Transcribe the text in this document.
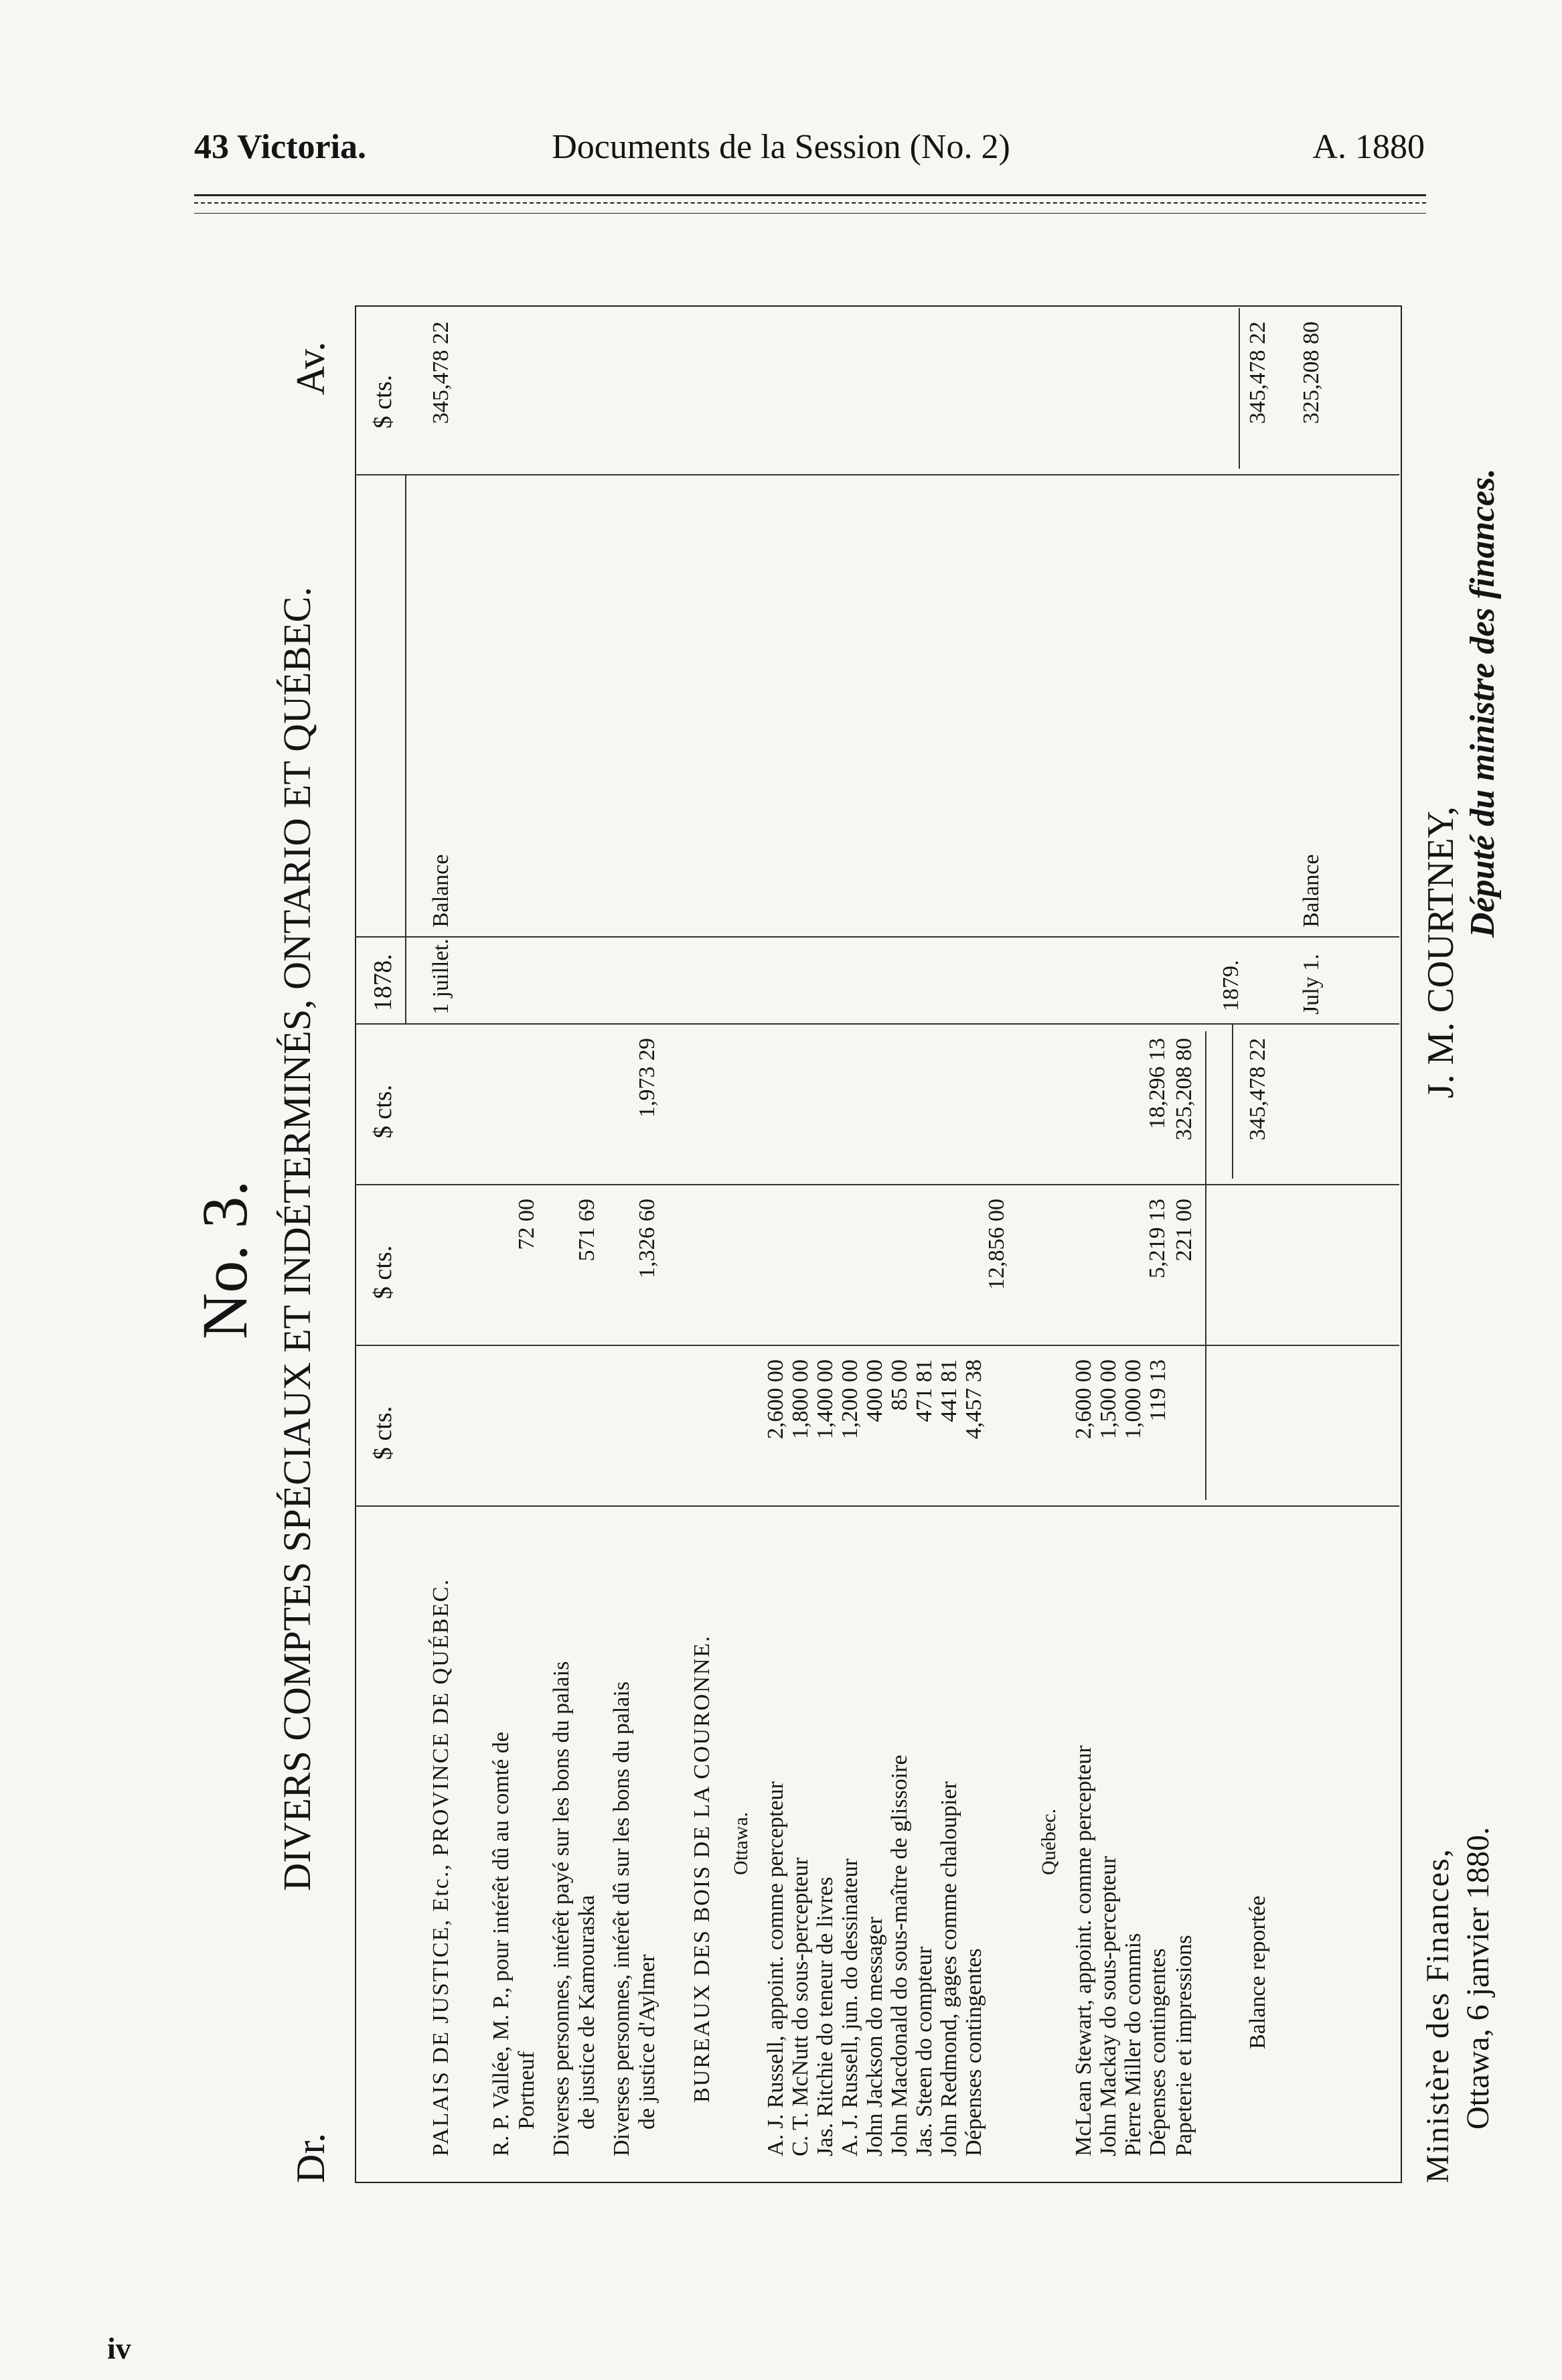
43 Victoria.	Documents de la Session (No. 2)	A. 1880
No. 3.
Dr.
DIVERS COMPTES SPÉCIAUX ET INDÉTERMINÉS, ONTARIO ET QUÉBEC.
Av.
$ cts.
$ cts.
$ cts.
1878.
$ cts.
PALAIS DE JUSTICE, Etc., PROVINCE DE QUÉBEC. R. P. Vallée, M. P., pour intérêt dû au comté de Portneuf
72 00
Diverses personnes, intérêt payé sur les bons du palais de justice de Kamouraska
571 69
Diverses personnes, intérêt dû sur les bons du palais de justice d'Aylmer
1,326 60
1,973 29
BUREAUX DES BOIS DE LA COURONNE. Ottawa. A. J. Russell, appoint. comme percepteur
2,600 00
C. T. McNutt do sous-percepteur
1,800 00
Jas. Ritchie do teneur de livres
1,400 00
A. J. Russell, jun. do dessinateur
1,200 00
John Jackson do messager
400 00
John Macdonald do sous-maître de glissoire
85 00
Jas. Steen do compteur
471 81
John Redmond, gages comme chaloupier
441 81
Dépenses contingentes
4,457 38
12,856 00
Québec. McLean Stewart, appoint. comme percepteur
2,600 00
John Mackay do sous-percepteur
1,500 00
Pierre Miller do commis
1,000 00
Dépenses contingentes
119 13
5,219 13
Papeterie et impressions
221 00
18,296 13
Balance reportée
325,208 80 345,478 22
1 juillet.
Balance
345,478 22
1879.
345,478 22
July 1.
Balance
325,208 80
Ministère des Finances, Ottawa, 6 janvier 1880.
J. M. COURTNEY,
Député du ministre des finances.
iv
